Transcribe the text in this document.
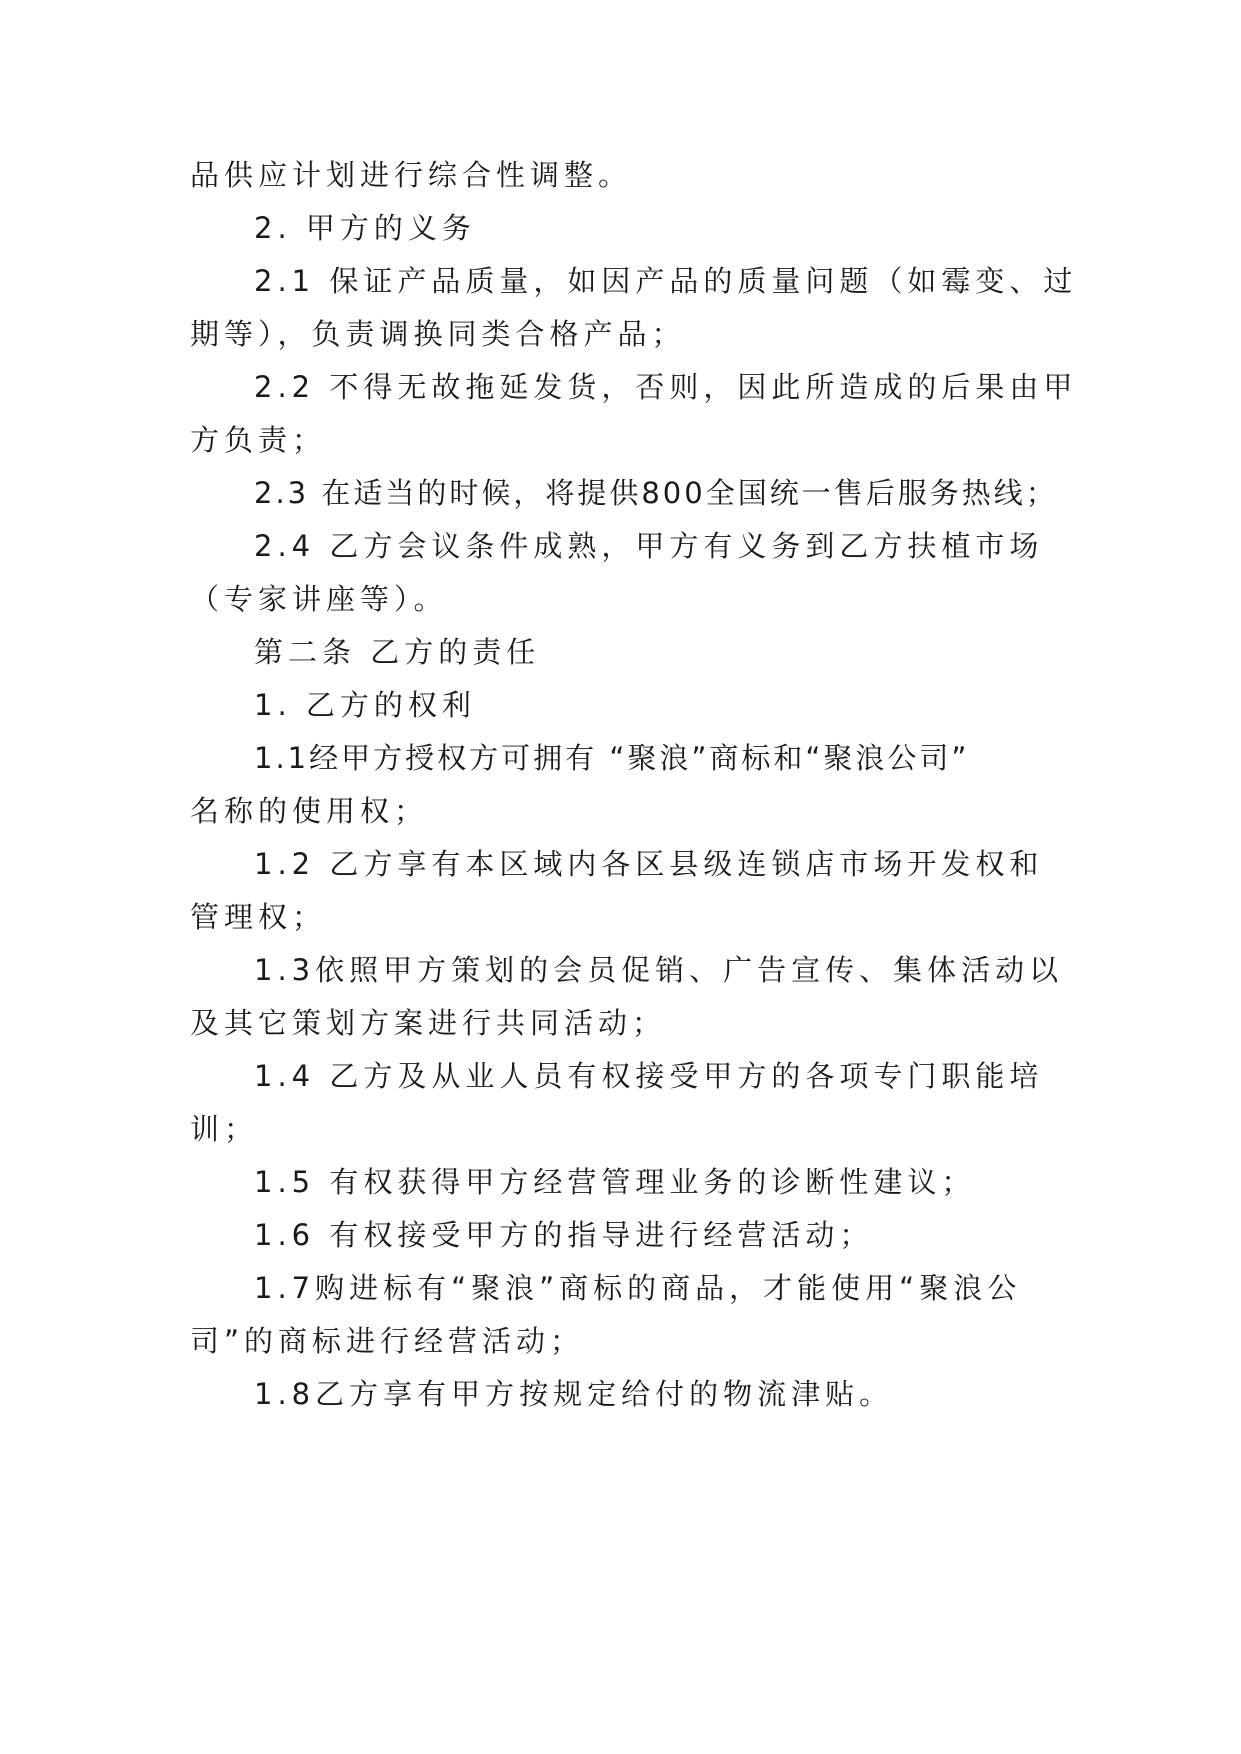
品供应计划进行综合性调整。
2. 甲方的义务
2.1 保证产品质量，如因产品的质量问题（如霉变、过
期等），负责调换同类合格产品；
2.2 不得无故拖延发货，否则，因此所造成的后果由甲
方负责；
2.3 在适当的时候，将提供800全国统一售后服务热线；
2.4 乙方会议条件成熟，甲方有义务到乙方扶植市场
（专家讲座等）。
第二条 乙方的责任
1. 乙方的权利
1.1经甲方授权方可拥有 “聚浪”商标和“聚浪公司”
名称的使用权；
1.2 乙方享有本区域内各区县级连锁店市场开发权和
管理权；
1.3依照甲方策划的会员促销、广告宣传、集体活动以
及其它策划方案进行共同活动；
1.4 乙方及从业人员有权接受甲方的各项专门职能培
训；
1.5 有权获得甲方经营管理业务的诊断性建议；
1.6 有权接受甲方的指导进行经营活动；
1.7购进标有“聚浪”商标的商品，才能使用“聚浪公
司”的商标进行经营活动；
1.8乙方享有甲方按规定给付的物流津贴。
